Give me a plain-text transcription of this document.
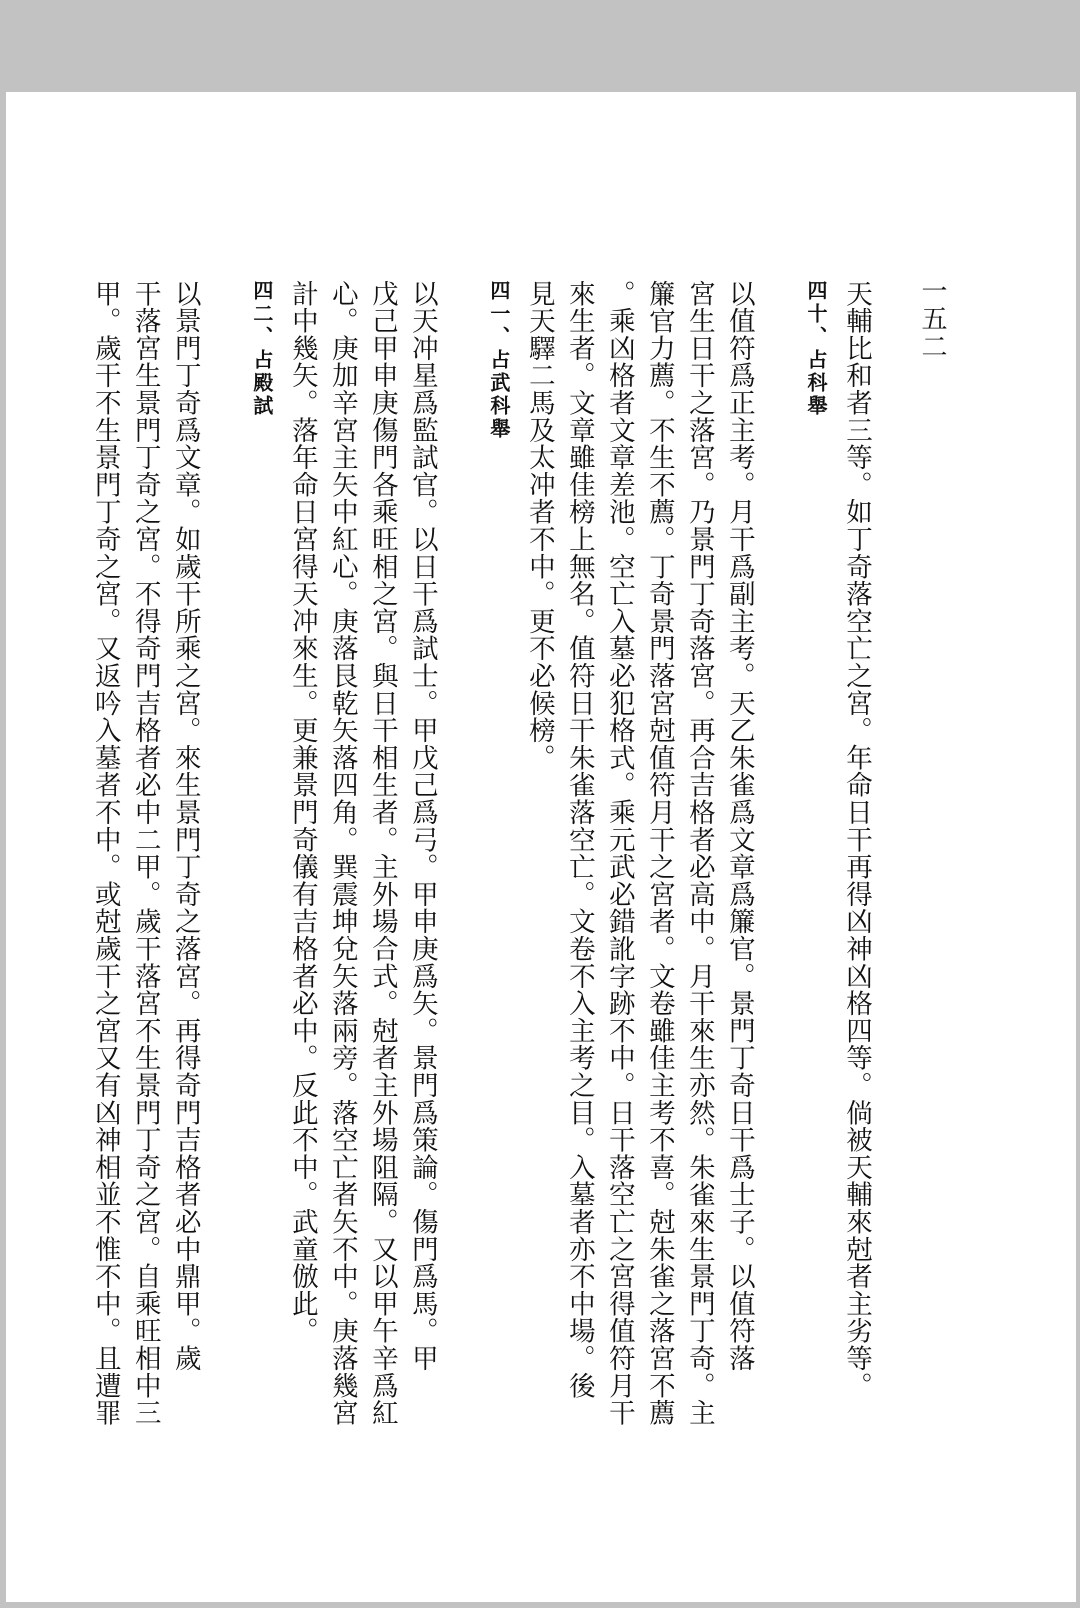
一五二

天輔比和者三等。如丁奇落空亡之宮。年命日干再得凶神凶格四等。倘被天輔來尅者主劣等。

四十、占科舉

以值符爲正主考。月干爲副主考。天乙朱雀爲文章爲簾官。景門丁奇日干爲士子。以值符落

宮生日干之落宮。乃景門丁奇落宮。再合吉格者必高中。月干來生亦然。朱雀來生景門丁奇。主

簾官力薦。不生不薦。丁奇景門落宮尅值符月干之宮者。文卷雖佳主考不喜。尅朱雀之落宮不薦

。乘凶格者文章差池。空亡入墓必犯格式。乘元武必錯訛字跡不中。日干落空亡之宮得值符月干

來生者。文章雖佳榜上無名。值符日干朱雀落空亡。文卷不入主考之目。入墓者亦不中場。後

見天驛二馬及太冲者不中。更不必候榜。

四一、占武科舉

以天冲星爲監試官。以日干爲試士。甲戊己爲弓。甲申庚爲矢。景門爲策論。傷門爲馬。甲

戊己甲申庚傷門各乘旺相之宮。與日干相生者。主外場合式。尅者主外場阻隔。又以甲午辛爲紅

心。庚加辛宮主矢中紅心。庚落艮乾矢落四角。巽震坤兌矢落兩旁。落空亡者矢不中。庚落幾宮

計中幾矢。落年命日宮得天冲來生。更兼景門奇儀有吉格者必中。反此不中。武童倣此。

四二、占殿試

以景門丁奇爲文章。如歲干所乘之宮。來生景門丁奇之落宮。再得奇門吉格者必中鼎甲。歲

干落宮生景門丁奇之宮。不得奇門吉格者必中二甲。歲干落宮不生景門丁奇之宮。自乘旺相中三

甲。歲干不生景門丁奇之宮。又返吟入墓者不中。或尅歲干之宮又有凶神相並不惟不中。且遭罪
